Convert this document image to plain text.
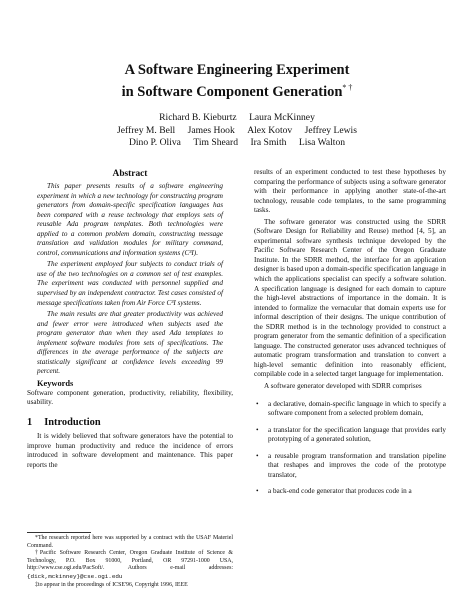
A Software Engineering Experiment
in Software Component Generation* †
Richard B. Kieburtz Laura McKinney
Jeffrey M. Bell James Hook Alex Kotov Jeffrey Lewis
Dino P. Oliva Tim Sheard Ira Smith Lisa Walton
Abstract

This paper presents results of a software engineering experiment in which a new technology for constructing program generators from domain-specific specification languages has been compared with a reuse technology that employs sets of reusable Ada program templates. Both technologies were applied to a common problem domain, constructing message translation and validation modules for military command, control, communications and information systems (C³I).

The experiment employed four subjects to conduct trials of use of the two technologies on a common set of test examples. The experiment was conducted with personnel supplied and supervised by an independent contractor. Test cases consisted of message specifications taken from Air Force C³I systems.

The main results are that greater productivity was achieved and fewer error were introduced when subjects used the program generator than when they used Ada templates to implement software modules from sets of specifications. The differences in the average performance of the subjects are statistically significant at confidence levels exceeding 99 percent.

Keywords

Software component generation, productivity, reliability, flexibility, usability.

1 Introduction

It is widely believed that software generators have the potential to improve human productivity and reduce the incidence of errors introduced in software development and maintenance. This paper reports the

*The research reported here was supported by a contract with the USAF Materiel Command.

†Pacific Software Research Center, Oregon Graduate Institute of Science & Technology, P.O. Box 91000, Portland, OR 97291-1000 USA, http://www.cse.ogi.edu/PacSoft/. Authors e-mail addresses: {dick,mckinney}@cse.ogi.edu

‡to appear in the proceedings of ICSE'96, Copyright 1996, IEEE

results of an experiment conducted to test these hypotheses by comparing the performance of subjects using a software generator with their performance in applying another state-of-the-art technology, reusable code templates, to the same programming tasks.

The software generator was constructed using the SDRR (Software Design for Reliability and Reuse) method [4, 5], an experimental software synthesis technique developed by the Pacific Software Research Center of the Oregon Graduate Institute. In the SDRR method, the interface for an application designer is based upon a domain-specific specification language in which the applications specialist can specify a software solution. A specification language is designed for each domain to capture the high-level abstractions of importance in the domain. It is intended to formalize the vernacular that domain experts use for informal description of their designs. The unique contribution of the SDRR method is in the technology provided to construct a program generator from the semantic definition of a specification language. The constructed generator uses advanced techniques of automatic program transformation and translation to convert a high-level semantic definition into reasonably efficient, compilable code in a selected target language for implementation.

A software generator developed with SDRR comprises

• a declarative, domain-specific language in which to specify a software component from a selected problem domain,
• a translator for the specification language that provides early prototyping of a generated solution,
• a reusable program transformation and translation pipeline that reshapes and improves the code of the prototype translator,
• a back-end code generator that produces code in a
